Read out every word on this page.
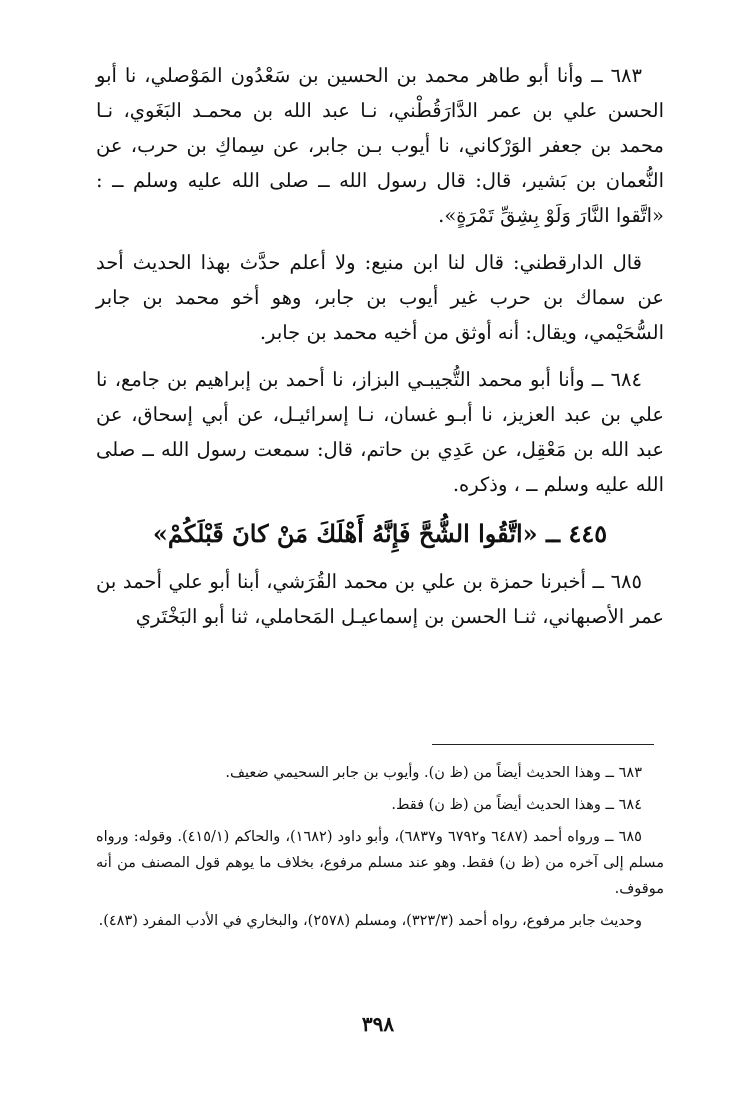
٦٨٣ ــ وأنا أبو طاهر محمد بن الحسين بن سَعْدُون المَوْصلي، نا أبو الحسن علي بن عمر الدَّارَقُطْني، نـا عبد الله بن محمـد البَغَوي، نـا محمد بن جعفر الوَرْكاني، نا أيوب بـن جابر، عن سِماكِ بن حرب، عن النُّعمان بن بَشير، قال: قال رسول الله ــ صلى الله عليه وسلم ــ : «اتَّقوا النَّارَ وَلَوْ بِشِقِّ تَمْرَةٍ».

قال الدارقطني: قال لنا ابن منيع: ولا أعلم حدَّث بهذا الحديث أحد عن سماك بن حرب غير أيوب بن جابر، وهو أخو محمد بن جابر السُّحَيْمي، ويقال: أنه أوثق من أخيه محمد بن جابر.

٦٨٤ ــ وأنا أبو محمد التُّجيبـي البزاز، نا أحمد بن إبراهيم بن جامع، نا علي بن عبد العزيز، نا أبـو غسان، نـا إسرائيـل، عن أبي إسحاق، عن عبد الله بن مَعْقِل، عن عَدِي بن حاتم، قال: سمعت رسول الله ــ صلى الله عليه وسلم ــ ، وذكره.

٤٤٥ ــ «اتَّقُوا الشُّحَّ فَإِنَّهُ أَهْلَكَ مَنْ كانَ قَبْلَكُمْ»

٦٨٥ ــ أخبرنا حمزة بن علي بن محمد القُرَشي، أبنا أبو علي أحمد بن عمر الأصبهاني، ثنـا الحسن بن إسماعيـل المَحاملي، ثنا أبو البَخْتَري

٦٨٣ ــ وهذا الحديث أيضاً من (ظ ن). وأيوب بن جابر السحيمي ضعيف.

٦٨٤ ــ وهذا الحديث أيضاً من (ظ ن) فقط.

٦٨٥ ــ ورواه أحمد (٦٤٨٧ و٦٧٩٢ و٦٨٣٧)، وأبو داود (١٦٨٢)، والحاكم (٤١٥/١). وقوله: ورواه مسلم إلى آخره من (ظ ن) فقط. وهو عند مسلم مرفوع، بخلاف ما يوهم قول المصنف من أنه موقوف.

وحديث جابر مرفوع، رواه أحمد (٣٢٣/٣)، ومسلم (٢٥٧٨)، والبخاري في الأدب المفرد (٤٨٣).

٣٩٨
